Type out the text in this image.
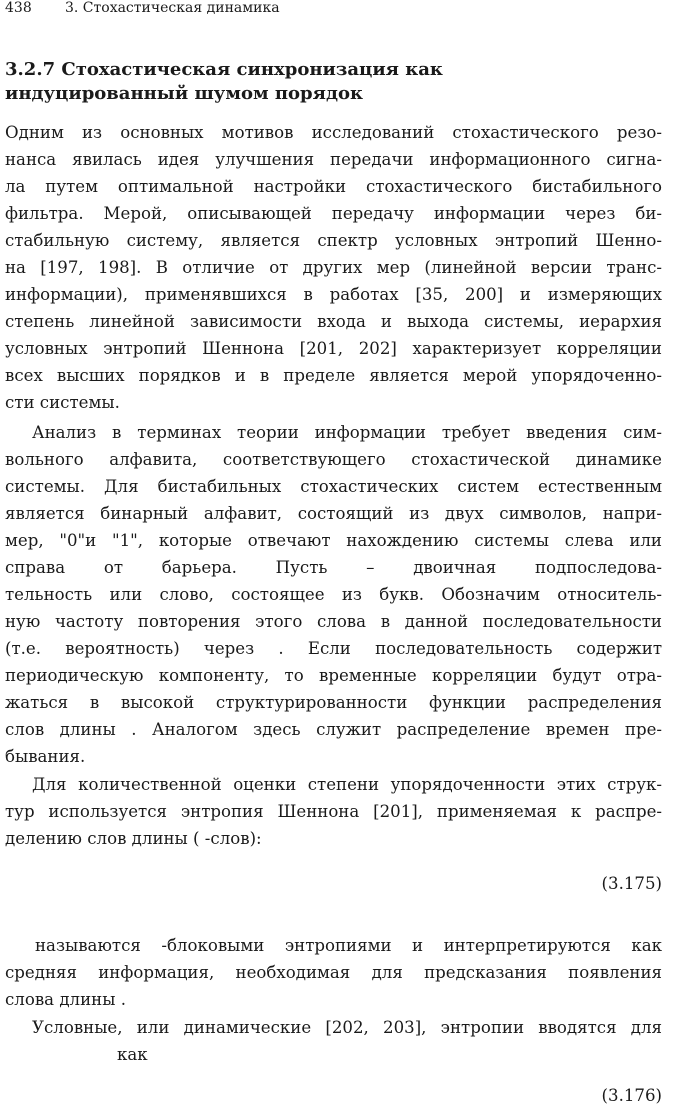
438 3. Стохастическая динамика
3.2.7 Стохастическая синхронизация как
индуцированный шумом порядок
Одним из основных мотивов исследований стохастического резо-
нанса явилась идея улучшения передачи информационного сигна-
ла путем оптимальной настройки стохастического бистабильного
фильтра. Мерой, описывающей передачу информации через би-
стабильную систему, является спектр условных энтропий Шенно-
на [197, 198]. В отличие от других мер (линейной версии транс-
информации), применявшихся в работах [35, 200] и измеряющих
степень линейной зависимости входа и выхода системы, иерархия
условных энтропий Шеннона [201, 202] характеризует корреляции
всех высших порядков и в пределе является мерой упорядоченно-
сти системы.
Анализ в терминах теории информации требует введения сим-
вольного алфавита, соответствующего стохастической динамике
системы. Для бистабильных стохастических систем естественным
является бинарный алфавит, состоящий из двух символов, напри-
мер, "0"и "1", которые отвечают нахождению системы слева или
справа от барьера. Пусть – двоичная подпоследова-
тельность или слово, состоящее из букв. Обозначим относитель-
ную частоту повторения этого слова в данной последовательности
(т.е. вероятность) через . Если последовательность содержит
периодическую компоненту, то временные корреляции будут отра-
жаться в высокой структурированности функции распределения
слов длины . Аналогом здесь служит распределение времен пре-
бывания.
Для количественной оценки степени упорядоченности этих струк-
тур используется энтропия Шеннона [201], применяемая к распре-
делению слов длины ( -слов):
(3.175)
называются -блоковыми энтропиями и интерпретируются как
средняя информация, необходимая для предсказания появления
слова длины .
Условные, или динамические [202, 203], энтропии вводятся для
как
(3.176)
